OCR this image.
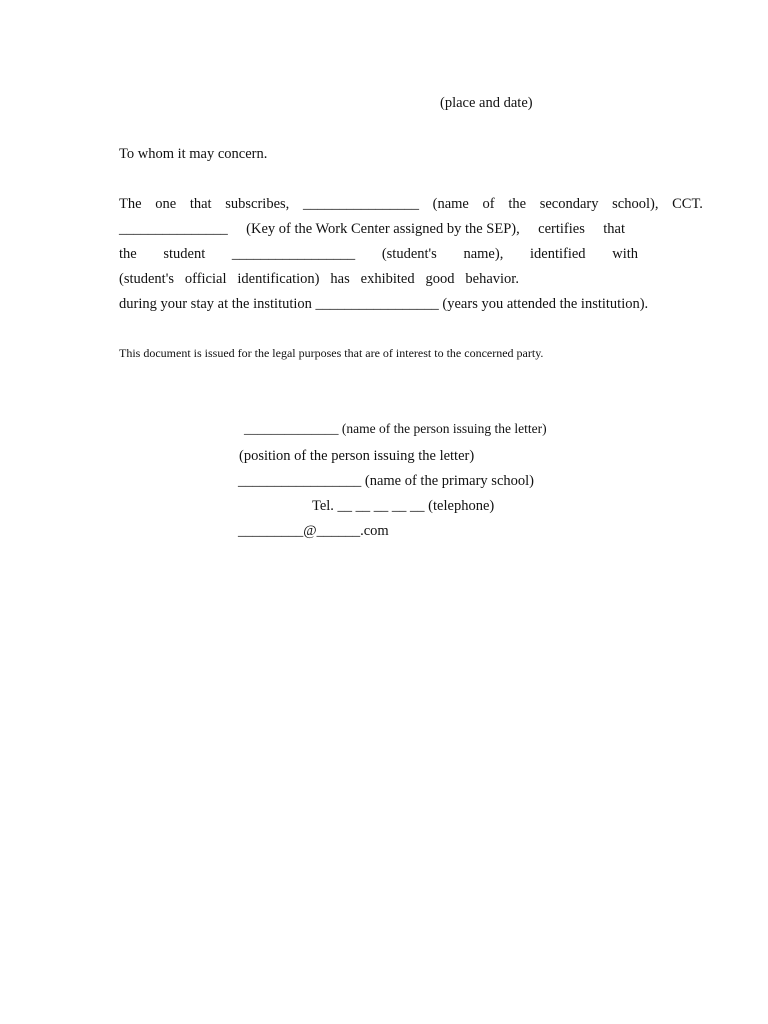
(place and date)
To whom it may concern.
The one that subscribes, ________________ (name of the secondary school), CCT.
_______________ (Key of the Work Center assigned by the SEP), certifies that
the student _________________ (student's name), identified with
(student's official identification) has exhibited good behavior.
during your stay at the institution _________________ (years you attended the institution).
This document is issued for the legal purposes that are of interest to the concerned party.
______________ (name of the person issuing the letter)
(position of the person issuing the letter)
_________________ (name of the primary school)
Tel. __ __ __ __ __ (telephone)
_________@______.com
